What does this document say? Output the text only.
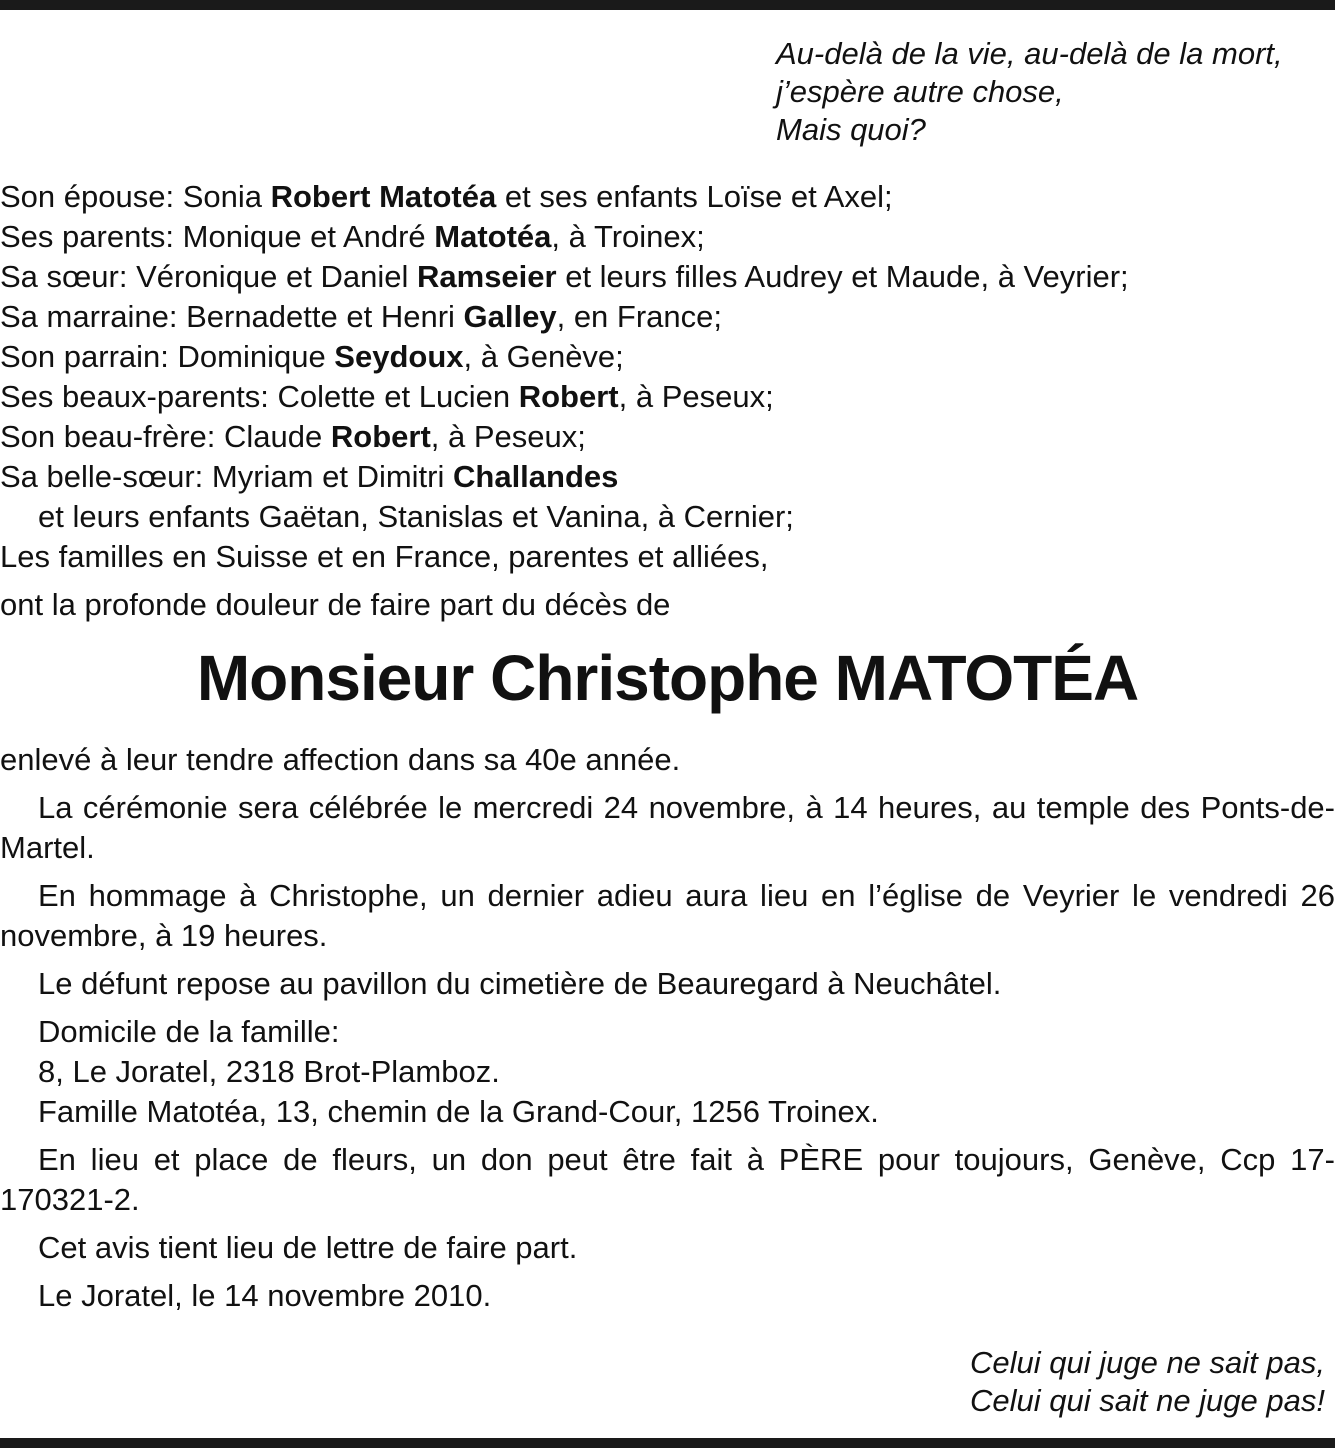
Au-delà de la vie, au-delà de la mort,
j’espère autre chose,
Mais quoi?
Son épouse: Sonia Robert Matotéa et ses enfants Loïse et Axel;
Ses parents: Monique et André Matotéa, à Troinex;
Sa sœur: Véronique et Daniel Ramseier et leurs filles Audrey et Maude, à Veyrier;
Sa marraine: Bernadette et Henri Galley, en France;
Son parrain: Dominique Seydoux, à Genève;
Ses beaux-parents: Colette et Lucien Robert, à Peseux;
Son beau-frère: Claude Robert, à Peseux;
Sa belle-sœur: Myriam et Dimitri Challandes
et leurs enfants Gaëtan, Stanislas et Vanina, à Cernier;
Les familles en Suisse et en France, parentes et alliées,
ont la profonde douleur de faire part du décès de
Monsieur Christophe MATOTÉA

enlevé à leur tendre affection dans sa 40e année.

La cérémonie sera célébrée le mercredi 24 novembre, à 14 heures, au temple des Ponts-de-Martel.

En hommage à Christophe, un dernier adieu aura lieu en l’église de Veyrier le vendredi 26 novembre, à 19 heures.

Le défunt repose au pavillon du cimetière de Beauregard à Neuchâtel.

Domicile de la famille:
8, Le Joratel, 2318 Brot-Plamboz.
Famille Matotéa, 13, chemin de la Grand-Cour, 1256 Troinex.

En lieu et place de fleurs, un don peut être fait à PÈRE pour toujours, Genève, Ccp 17-170321-2.

Cet avis tient lieu de lettre de faire part.

Le Joratel, le 14 novembre 2010.

Celui qui juge ne sait pas,
Celui qui sait ne juge pas!
